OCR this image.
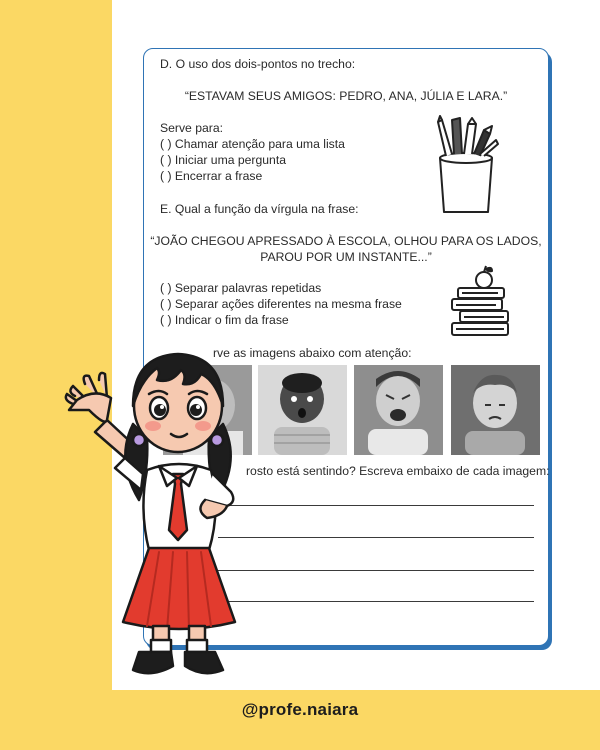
D. O uso dos dois-pontos no trecho:
“ESTAVAM SEUS AMIGOS: PEDRO, ANA, JÚLIA E LARA.”
Serve para:
( ) Chamar atenção para uma lista
( ) Iniciar uma pergunta
( ) Encerrar a frase
E. Qual a função da vírgula na frase:
“JOÃO CHEGOU APRESSADO À ESCOLA, OLHOU PARA OS LADOS,
PAROU POR UM INSTANTE...”
( ) Separar palavras repetidas
( ) Separar ações diferentes na mesma frase
( ) Indicar o fim da frase
rve as imagens abaixo com atenção:
rosto está sentindo? Escreva embaixo de cada imagem:
@profe.naiara
